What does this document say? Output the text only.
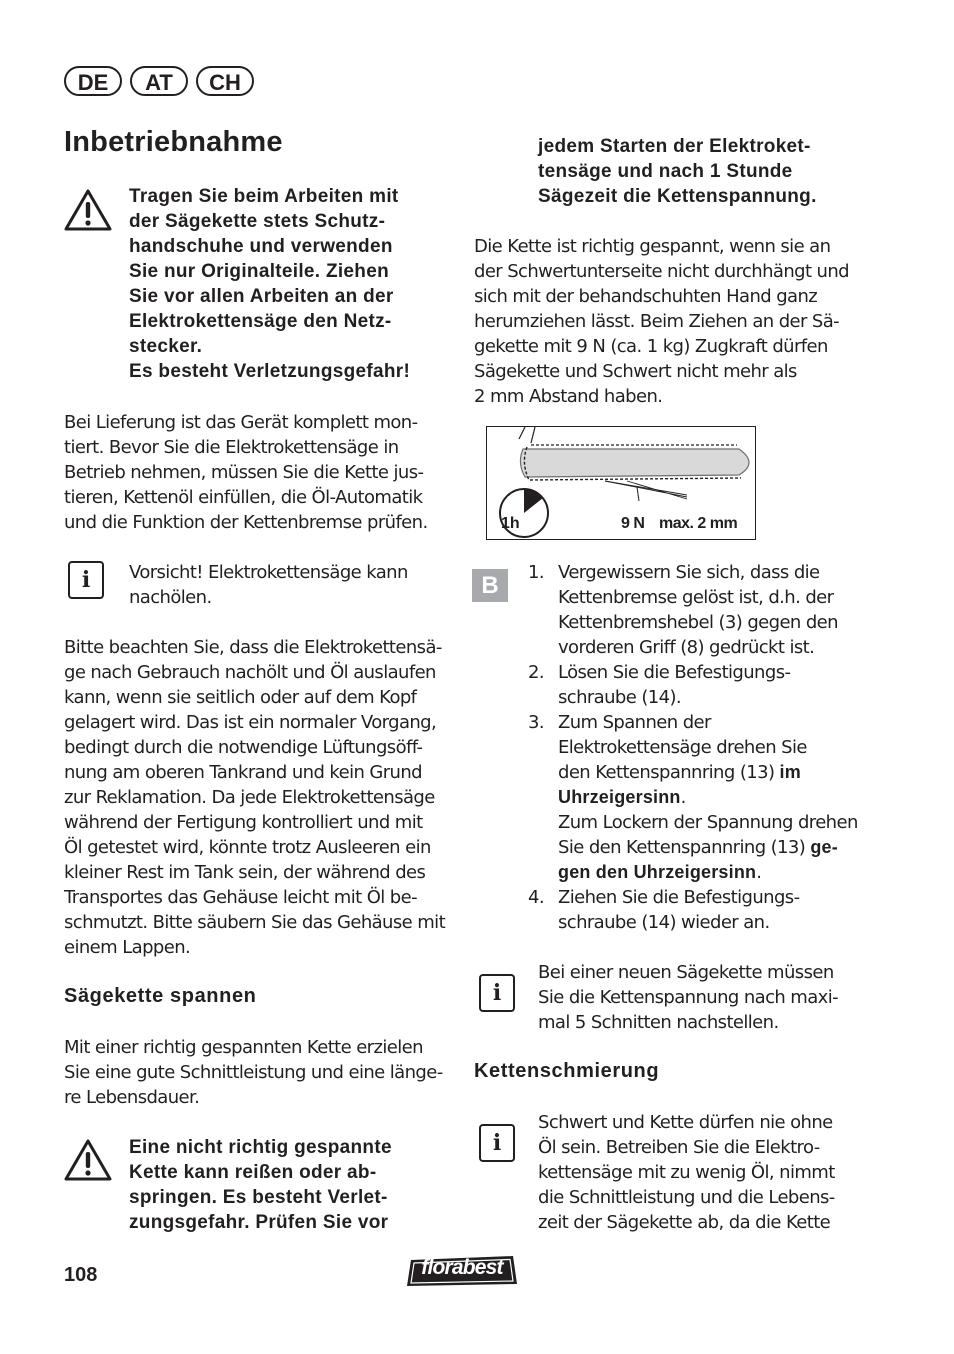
DE	AT	CH
Inbetriebnahme
Tragen Sie beim Arbeiten mit
der Sägekette stets Schutz-
handschuhe und verwenden
Sie nur Originalteile. Ziehen
Sie vor allen Arbeiten an der
Elektrokettensäge den Netz-
stecker.
Es besteht Verletzungsgefahr!
Bei Lieferung ist das Gerät komplett mon-
tiert. Bevor Sie die Elektrokettensäge in
Betrieb nehmen, müssen Sie die Kette jus-
tieren, Kettenöl einfüllen, die Öl-Automatik
und die Funktion der Kettenbremse prüfen.
i	Vorsicht! Elektrokettensäge kann
nachölen.
Bitte beachten Sie, dass die Elektrokettensä-
ge nach Gebrauch nachölt und Öl auslaufen
kann, wenn sie seitlich oder auf dem Kopf
gelagert wird. Das ist ein normaler Vorgang,
bedingt durch die notwendige Lüftungsöff-
nung am oberen Tankrand und kein Grund
zur Reklamation. Da jede Elektrokettensäge
während der Fertigung kontrolliert und mit
Öl getestet wird, könnte trotz Ausleeren ein
kleiner Rest im Tank sein, der während des
Transportes das Gehäuse leicht mit Öl be-
schmutzt. Bitte säubern Sie das Gehäuse mit
einem Lappen.
Sägekette spannen
Mit einer richtig gespannten Kette erzielen
Sie eine gute Schnittleistung und eine länge-
re Lebensdauer.
Eine nicht richtig gespannte
Kette kann reißen oder ab-
springen. Es besteht Verlet-
zungsgefahr. Prüfen Sie vor
jedem Starten der Elektroket-
tensäge und nach 1 Stunde
Sägezeit die Kettenspannung.
Die Kette ist richtig gespannt, wenn sie an
der Schwertunterseite nicht durchhängt und
sich mit der behandschuhten Hand ganz
herumziehen lässt. Beim Ziehen an der Sä-
gekette mit 9 N (ca. 1 kg) Zugkraft dürfen
Sägekette und Schwert nicht mehr als
2 mm Abstand haben.
1h	9 N max. 2 mm
B	1. Vergewissern Sie sich, dass die
Kettenbremse gelöst ist, d.h. der
Kettenbremshebel (3) gegen den
vorderen Griff (8) gedrückt ist.
2. Lösen Sie die Befestigungs-
schraube (14).
3. Zum Spannen der
Elektrokettensäge drehen Sie
den Kettenspannring (13) im
Uhrzeigersinn.
Zum Lockern der Spannung drehen
Sie den Kettenspannring (13) ge-
gen den Uhrzeigersinn.
4. Ziehen Sie die Befestigungs-
schraube (14) wieder an.
i
Bei einer neuen Sägekette müssen
Sie die Kettenspannung nach maxi-
mal 5 Schnitten nachstellen.
Kettenschmierung
i
Schwert und Kette dürfen nie ohne
Öl sein. Betreiben Sie die Elektro-
kettensäge mit zu wenig Öl, nimmt
die Schnittleistung und die Lebens-
zeit der Sägekette ab, da die Kette
108	florabest
